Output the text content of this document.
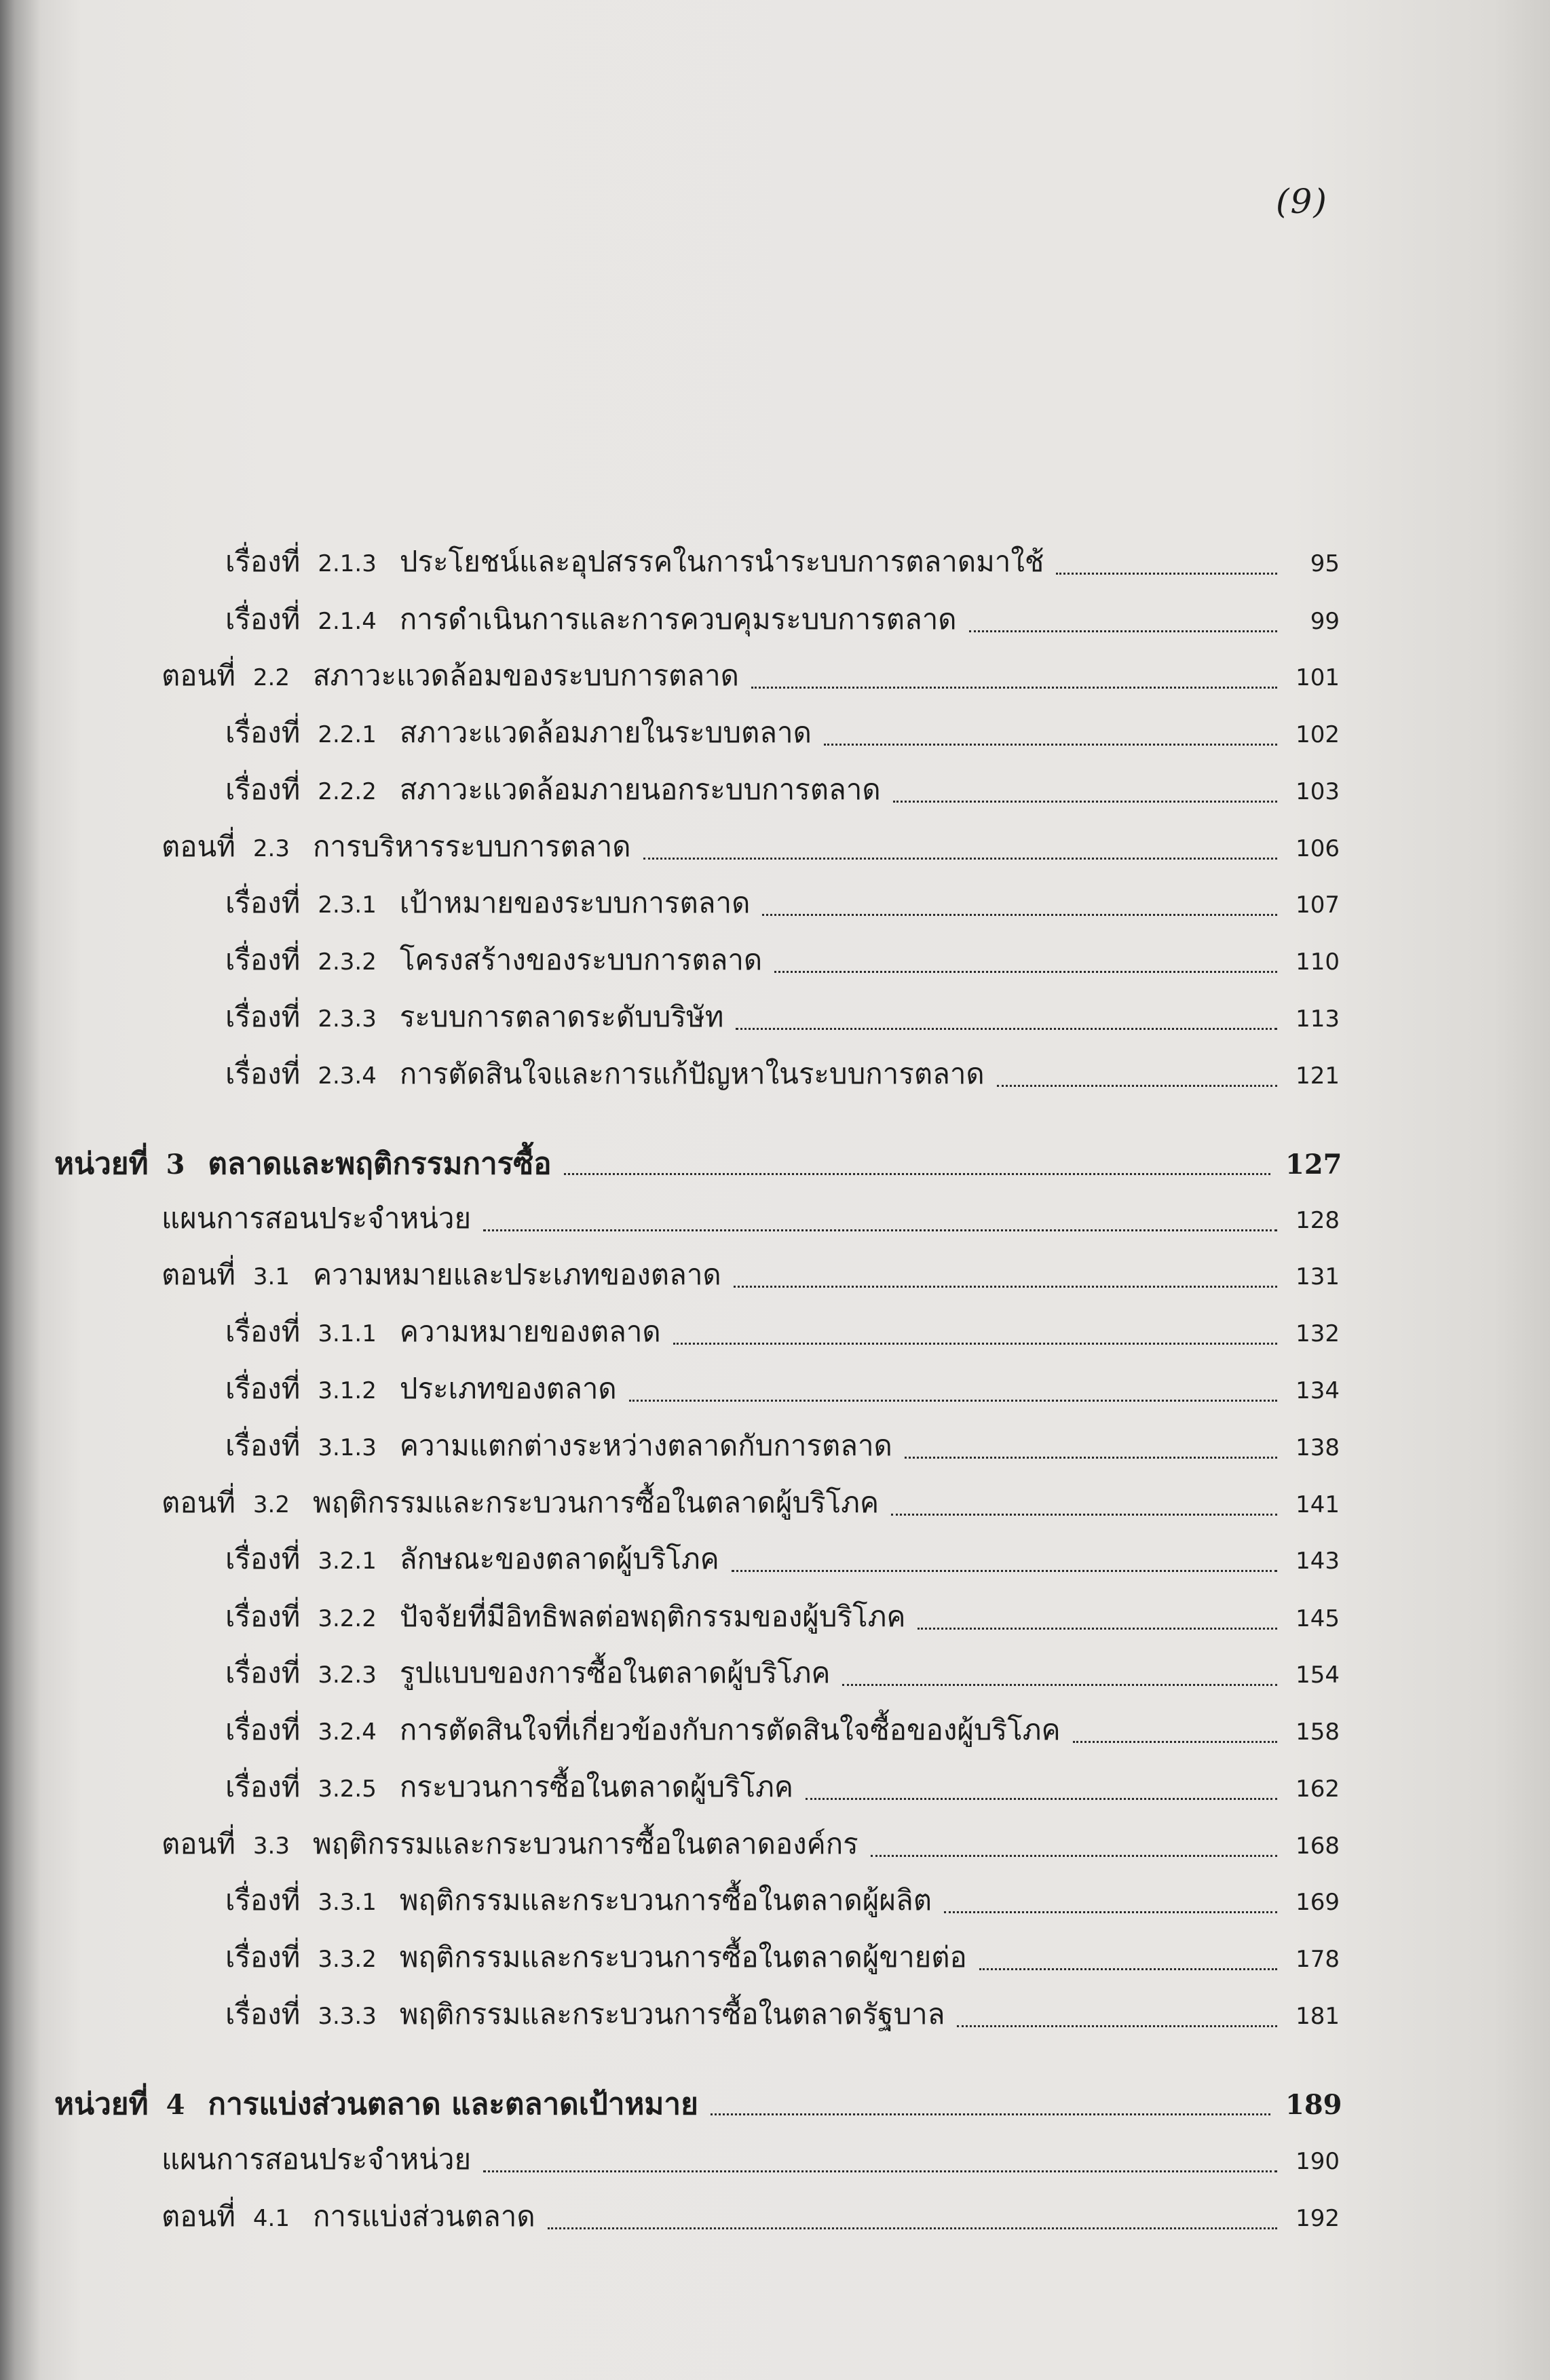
(9)
เรื่องที่ 2.1.3 ประโยชน์และอุปสรรคในการนำระบบการตลาดมาใช้	95
เรื่องที่ 2.1.4 การดำเนินการและการควบคุมระบบการตลาด	99
ตอนที่ 2.2 สภาวะแวดล้อมของระบบการตลาด	101
เรื่องที่ 2.2.1 สภาวะแวดล้อมภายในระบบตลาด	102
เรื่องที่ 2.2.2 สภาวะแวดล้อมภายนอกระบบการตลาด	103
ตอนที่ 2.3 การบริหารระบบการตลาด	106
เรื่องที่ 2.3.1 เป้าหมายของระบบการตลาด	107
เรื่องที่ 2.3.2 โครงสร้างของระบบการตลาด	110
เรื่องที่ 2.3.3 ระบบการตลาดระดับบริษัท	113
เรื่องที่ 2.3.4 การตัดสินใจและการแก้ปัญหาในระบบการตลาด	121
หน่วยที่ 3 ตลาดและพฤติกรรมการซื้อ	127
แผนการสอนประจำหน่วย	128
ตอนที่ 3.1 ความหมายและประเภทของตลาด	131
เรื่องที่ 3.1.1 ความหมายของตลาด	132
เรื่องที่ 3.1.2 ประเภทของตลาด	134
เรื่องที่ 3.1.3 ความแตกต่างระหว่างตลาดกับการตลาด	138
ตอนที่ 3.2 พฤติกรรมและกระบวนการซื้อในตลาดผู้บริโภค	141
เรื่องที่ 3.2.1 ลักษณะของตลาดผู้บริโภค	143
เรื่องที่ 3.2.2 ปัจจัยที่มีอิทธิพลต่อพฤติกรรมของผู้บริโภค	145
เรื่องที่ 3.2.3 รูปแบบของการซื้อในตลาดผู้บริโภค	154
เรื่องที่ 3.2.4 การตัดสินใจที่เกี่ยวข้องกับการตัดสินใจซื้อของผู้บริโภค	158
เรื่องที่ 3.2.5 กระบวนการซื้อในตลาดผู้บริโภค	162
ตอนที่ 3.3 พฤติกรรมและกระบวนการซื้อในตลาดองค์กร	168
เรื่องที่ 3.3.1 พฤติกรรมและกระบวนการซื้อในตลาดผู้ผลิต	169
เรื่องที่ 3.3.2 พฤติกรรมและกระบวนการซื้อในตลาดผู้ขายต่อ	178
เรื่องที่ 3.3.3 พฤติกรรมและกระบวนการซื้อในตลาดรัฐบาล	181
หน่วยที่ 4 การแบ่งส่วนตลาด และตลาดเป้าหมาย	189
แผนการสอนประจำหน่วย	190
ตอนที่ 4.1 การแบ่งส่วนตลาด	192
